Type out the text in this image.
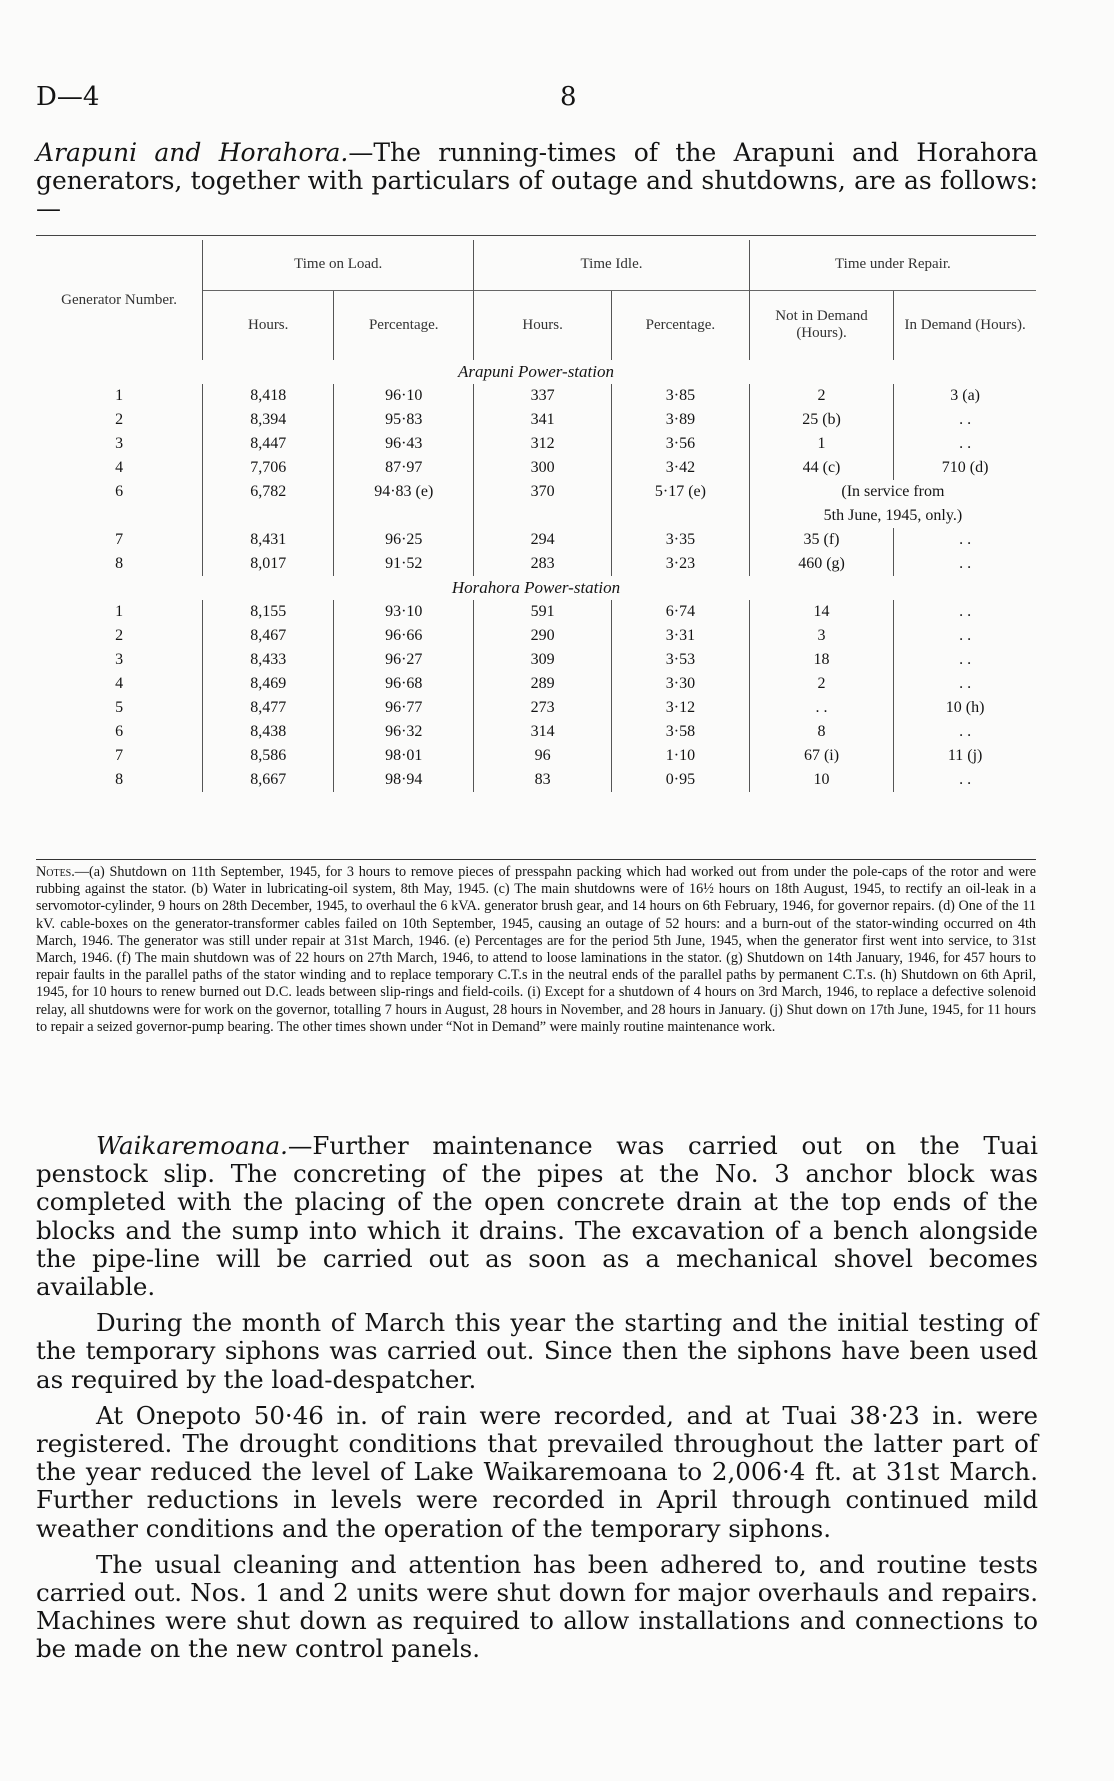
D—4	8
Arapuni and Horahora.—The running-times of the Arapuni and Horahora generators, together with particulars of outage and shutdowns, are as follows:—
Generator Number.	Time on Load.		Time Idle.		Time under Repair.	
	Hours.	Percentage.	Hours.	Percentage.	Not in Demand (Hours).	In Demand (Hours).
Arapuni Power-station						
1	8,418	96·10	337	3·85	2	3 (a)
2	8,394	95·83	341	3·89	25 (b)	. .
3	8,447	96·43	312	3·56	1	. .
4	7,706	87·97	300	3·42	44 (c)	710 (d)
6	6,782	94·83 (e)	370	5·17 (e)	(In service from	
					5th June, 1945, only.)	
7	8,431	96·25	294	3·35	35 (f)	. .
8	8,017	91·52	283	3·23	460 (g)	. .
Horahora Power-station						
1	8,155	93·10	591	6·74	14	. .
2	8,467	96·66	290	3·31	3	. .
3	8,433	96·27	309	3·53	18	. .
4	8,469	96·68	289	3·30	2	. .
5	8,477	96·77	273	3·12	. .	10 (h)
6	8,438	96·32	314	3·58	8	. .
7	8,586	98·01	96	1·10	67 (i)	11 (j)
8	8,667	98·94	83	0·95	10	. .

Notes.—(a) Shutdown on 11th September, 1945, for 3 hours to remove pieces of presspahn packing which had worked out from under the pole-caps of the rotor and were rubbing against the stator. (b) Water in lubricating-oil system, 8th May, 1945. (c) The main shutdowns were of 16½ hours on 18th August, 1945, to rectify an oil-leak in a servomotor-cylinder, 9 hours on 28th December, 1945, to overhaul the 6 kVA. generator brush gear, and 14 hours on 6th February, 1946, for governor repairs. (d) One of the 11 kV. cable-boxes on the generator-transformer cables failed on 10th September, 1945, causing an outage of 52 hours: and a burn-out of the stator-winding occurred on 4th March, 1946. The generator was still under repair at 31st March, 1946. (e) Percentages are for the period 5th June, 1945, when the generator first went into service, to 31st March, 1946. (f) The main shutdown was of 22 hours on 27th March, 1946, to attend to loose laminations in the stator. (g) Shutdown on 14th January, 1946, for 457 hours to repair faults in the parallel paths of the stator winding and to replace temporary C.T.s in the neutral ends of the parallel paths by permanent C.T.s. (h) Shutdown on 6th April, 1945, for 10 hours to renew burned out D.C. leads between slip-rings and field-coils. (i) Except for a shutdown of 4 hours on 3rd March, 1946, to replace a defective solenoid relay, all shutdowns were for work on the governor, totalling 7 hours in August, 28 hours in November, and 28 hours in January. (j) Shut down on 17th June, 1945, for 11 hours to repair a seized governor-pump bearing. The other times shown under “Not in Demand” were mainly routine maintenance work.

Waikaremoana.—Further maintenance was carried out on the Tuai penstock slip. The concreting of the pipes at the No. 3 anchor block was completed with the placing of the open concrete drain at the top ends of the blocks and the sump into which it drains. The excavation of a bench alongside the pipe-line will be carried out as soon as a mechanical shovel becomes available.

During the month of March this year the starting and the initial testing of the temporary siphons was carried out. Since then the siphons have been used as required by the load-despatcher.

At Onepoto 50·46 in. of rain were recorded, and at Tuai 38·23 in. were registered. The drought conditions that prevailed throughout the latter part of the year reduced the level of Lake Waikaremoana to 2,006·4 ft. at 31st March. Further reductions in levels were recorded in April through continued mild weather conditions and the operation of the temporary siphons.

The usual cleaning and attention has been adhered to, and routine tests carried out. Nos. 1 and 2 units were shut down for major overhauls and repairs. Machines were shut down as required to allow installations and connections to be made on the new control panels.
